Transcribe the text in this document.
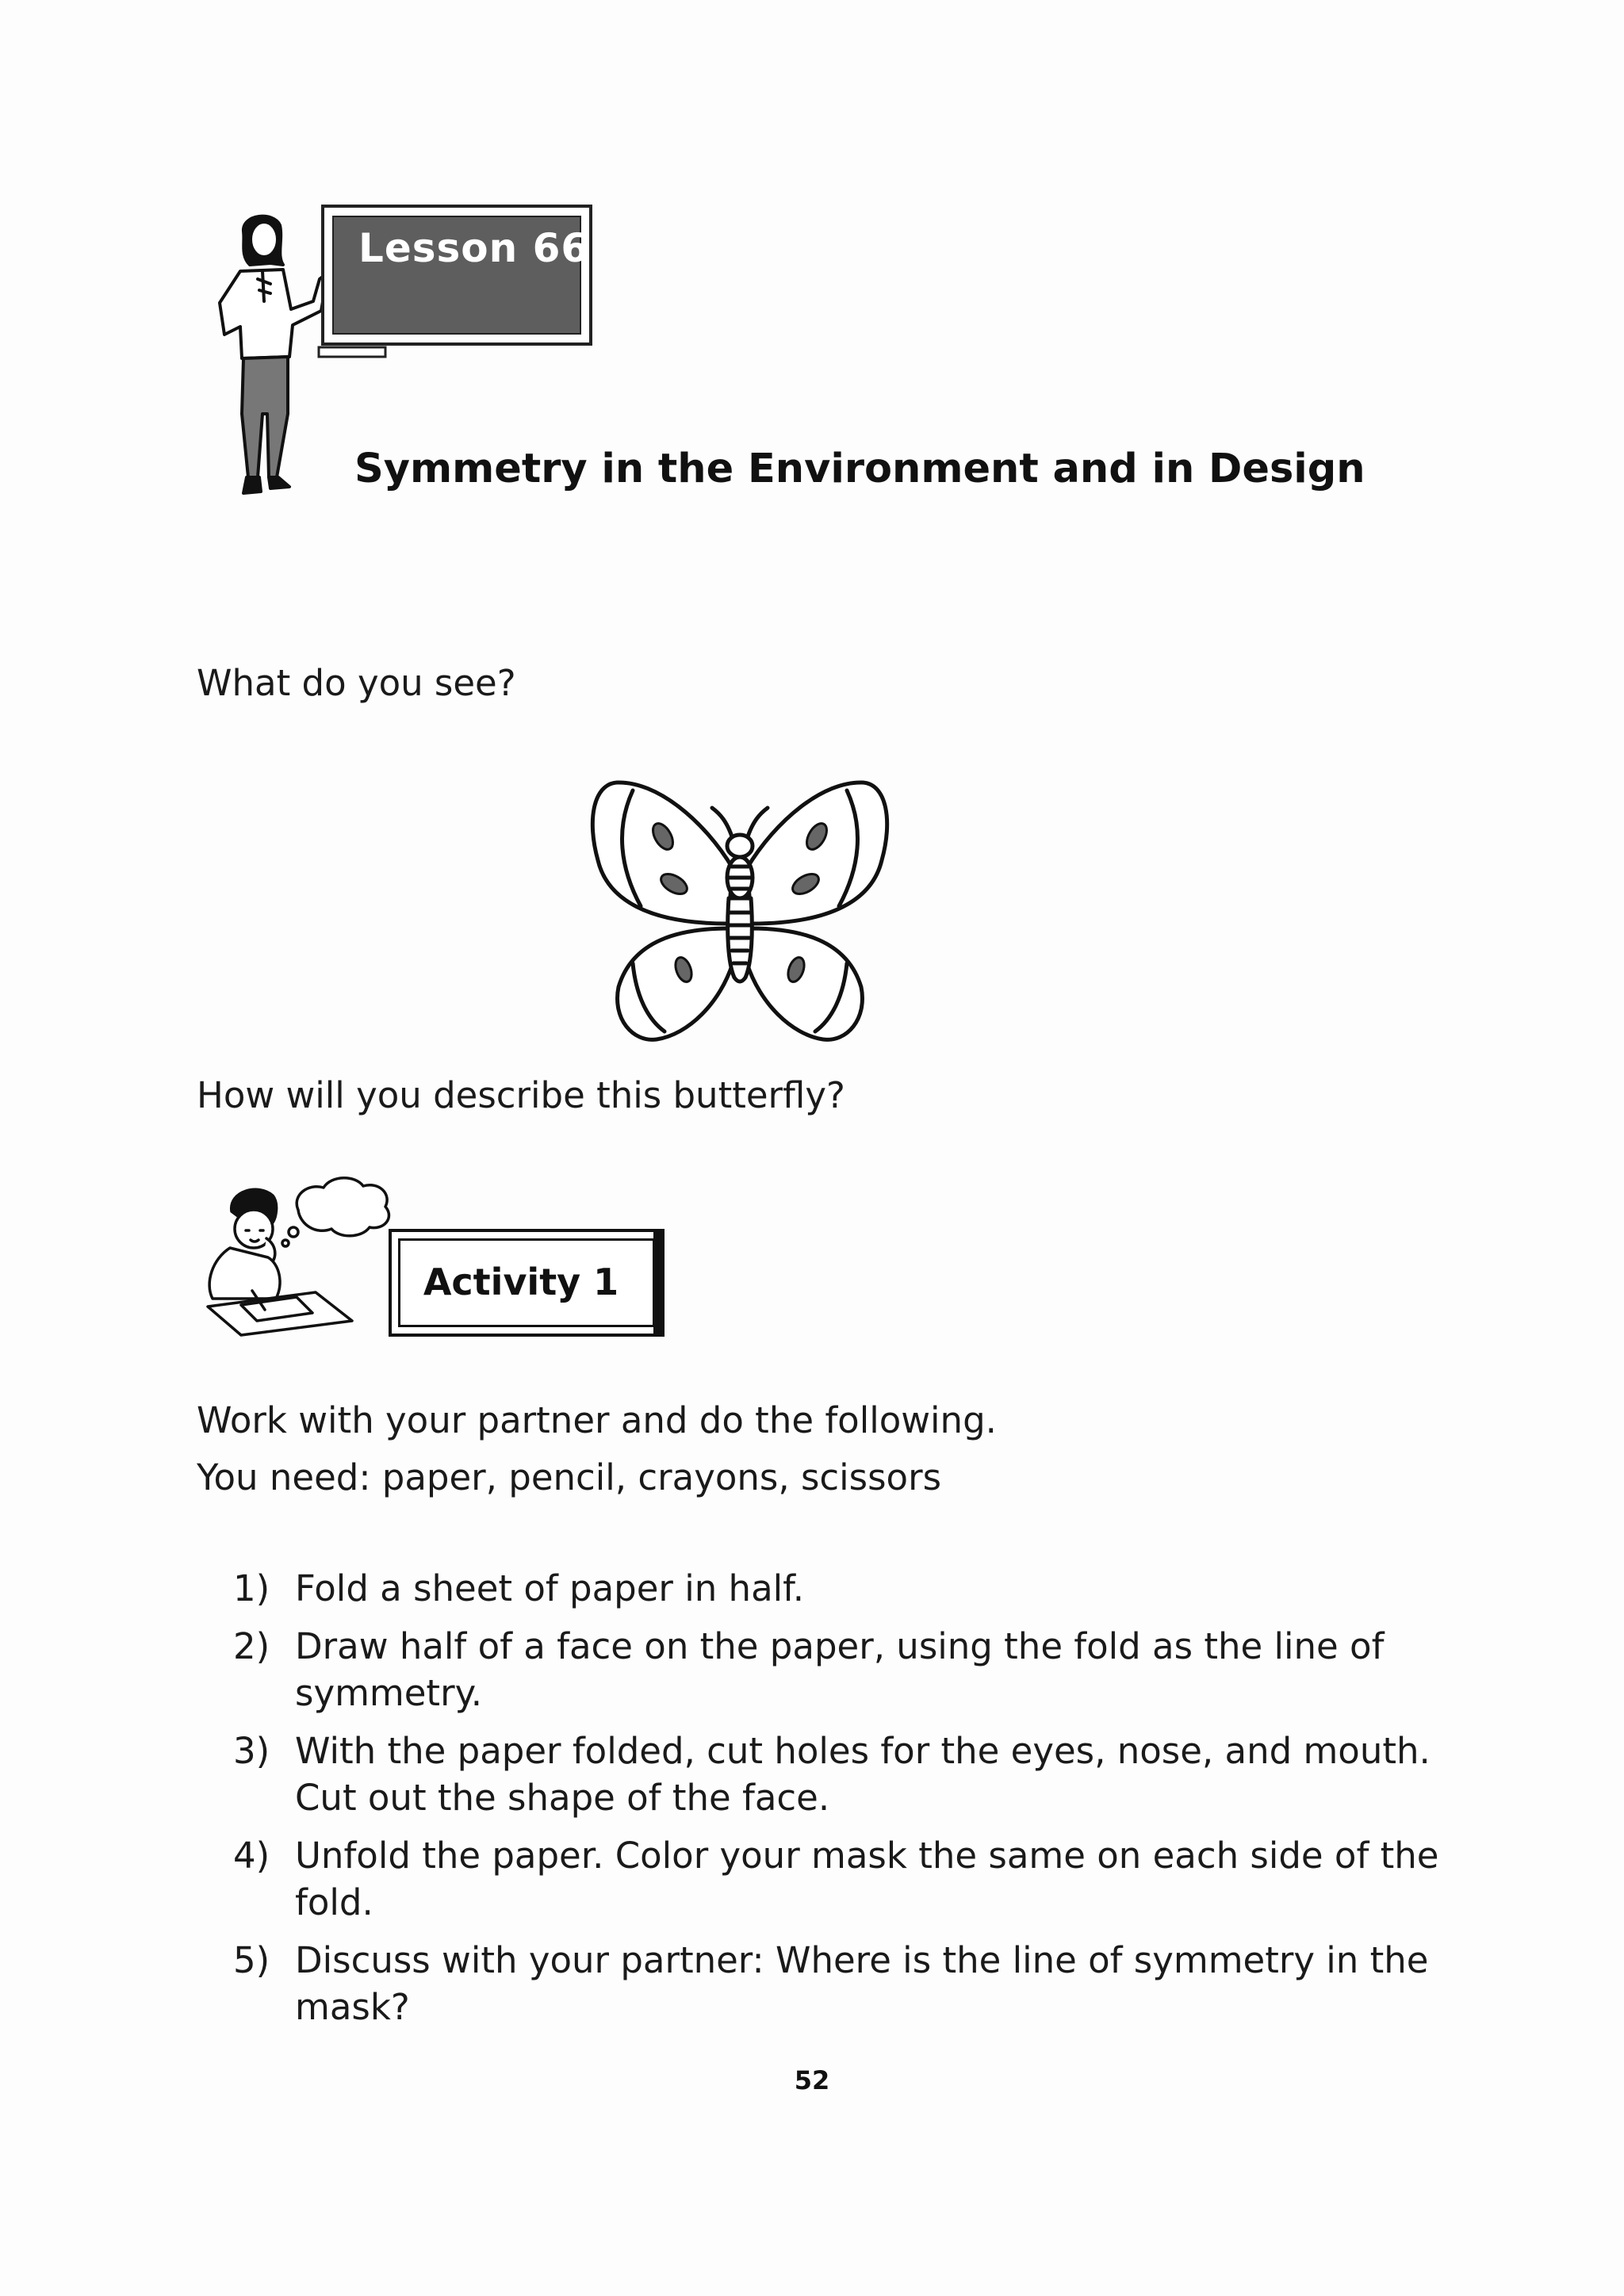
Lesson 66
Symmetry in the Environment and in Design
What do you see?
How will you describe this butterfly?
Activity 1
Work with your partner and do the following.
You need: paper, pencil, crayons, scissors
1) Fold a sheet of paper in half.
2) Draw half of a face on the paper, using the fold as the line of symmetry.
3) With the paper folded, cut holes for the eyes, nose, and mouth. Cut out the shape of the face.
4) Unfold the paper. Color your mask the same on each side of the fold.
5) Discuss with your partner: Where is the line of symmetry in the mask?
52
